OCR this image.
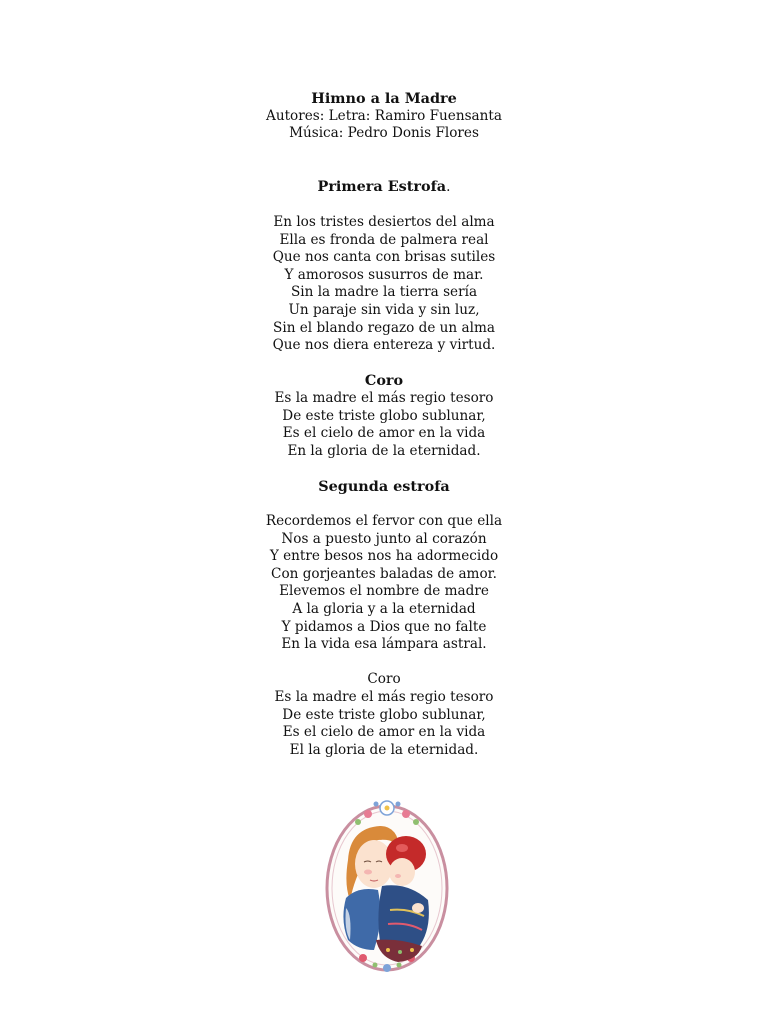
Himno a la Madre
Autores: Letra: Ramiro Fuensanta
Música: Pedro Donis Flores
Primera Estrofa.
En los tristes desiertos del alma
Ella es fronda de palmera real
Que nos canta con brisas sutiles
Y amorosos susurros de mar.
Sin la madre la tierra sería
Un paraje sin vida y sin luz,
Sin el blando regazo de un alma
Que nos diera entereza y virtud.
Coro
Es la madre el más regio tesoro
De este triste globo sublunar,
Es el cielo de amor en la vida
En la gloria de la eternidad.
Segunda estrofa
Recordemos el fervor con que ella
Nos a puesto junto al corazón
Y entre besos nos ha adormecido
Con gorjeantes baladas de amor.
Elevemos el nombre de madre
A la gloria y a la eternidad
Y pidamos a Dios que no falte
En la vida esa lámpara astral.
Coro
Es la madre el más regio tesoro
De este triste globo sublunar,
Es el cielo de amor en la vida
El la gloria de la eternidad.
